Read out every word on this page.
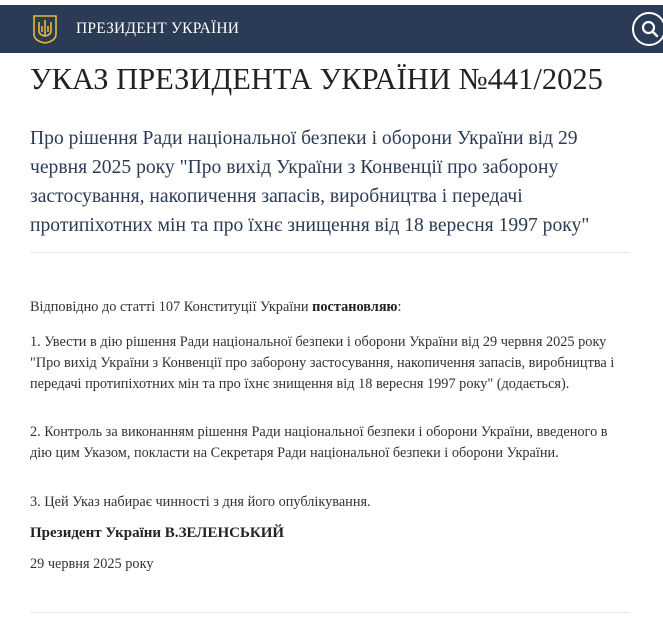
ПРЕЗИДЕНТ УКРАЇНИ
УКАЗ ПРЕЗИДЕНТА УКРАЇНИ №441/2025
Про рішення Ради національної безпеки і оборони України від 29 червня 2025 року "Про вихід України з Конвенції про заборону застосування, накопичення запасів, виробництва і передачі протипіхотних мін та про їхнє знищення від 18 вересня 1997 року"

Відповідно до статті 107 Конституції України постановляю:

1. Увести в дію рішення Ради національної безпеки і оборони України від 29 червня 2025 року "Про вихід України з Конвенції про заборону застосування, накопичення запасів, виробництва і передачі протипіхотних мін та про їхнє знищення від 18 вересня 1997 року" (додається).

2. Контроль за виконанням рішення Ради національної безпеки і оборони України, введеного в дію цим Указом, покласти на Секретаря Ради національної безпеки і оборони України.

3. Цей Указ набирає чинності з дня його опублікування.

Президент України В.ЗЕЛЕНСЬКИЙ

29 червня 2025 року
